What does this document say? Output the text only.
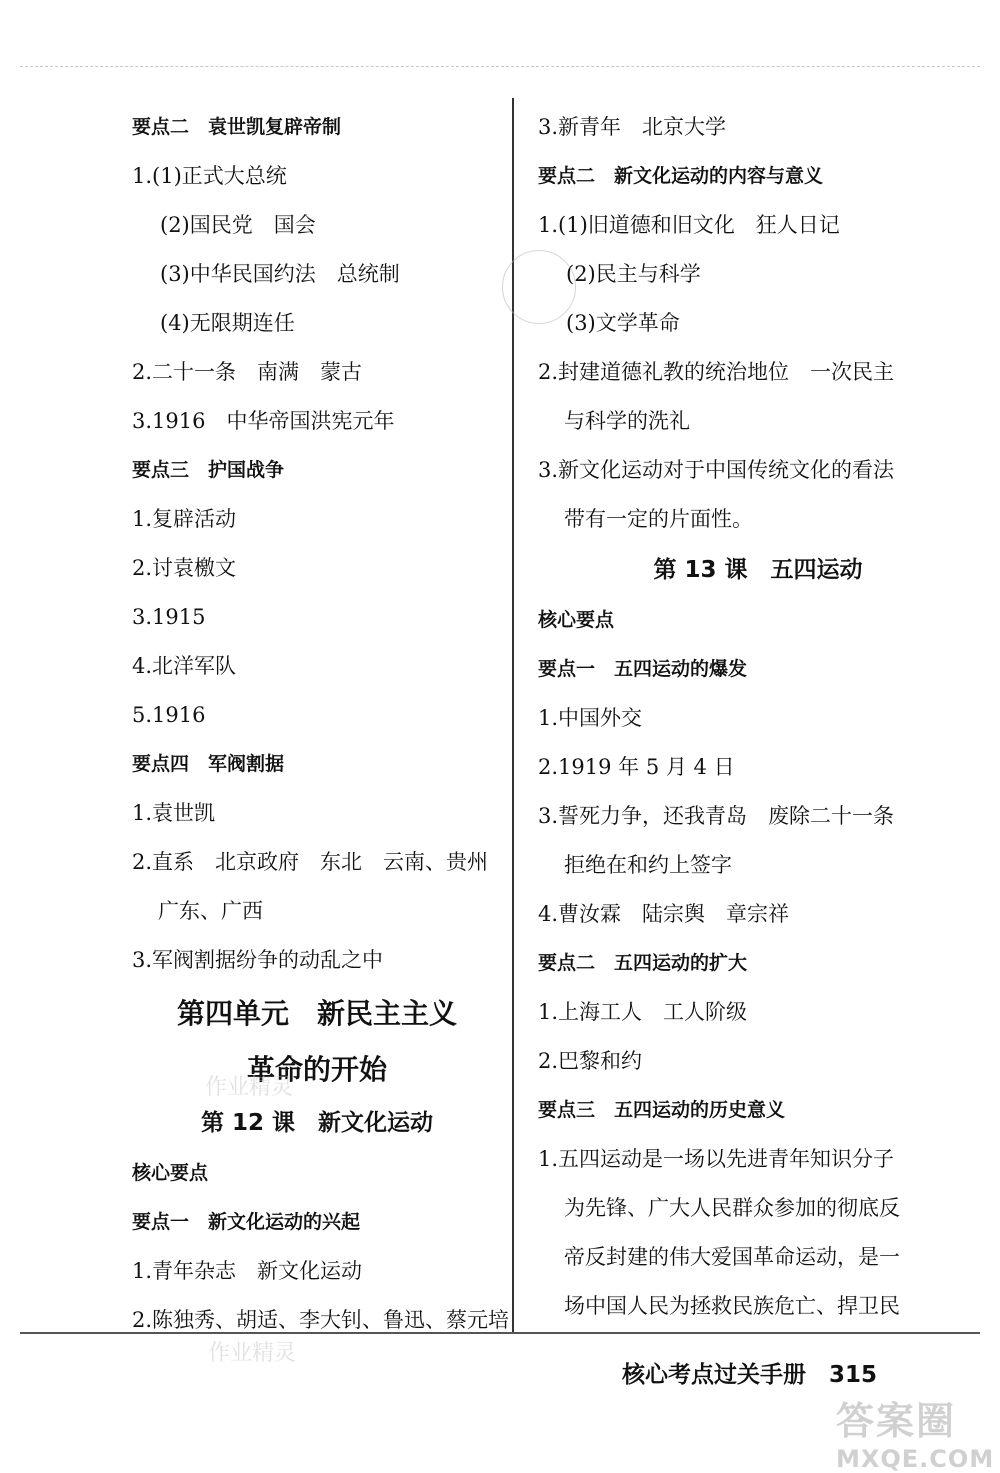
要点二　袁世凯复辟帝制
1.(1)正式大总统
(2)国民党　国会
(3)中华民国约法　总统制
(4)无限期连任
2.二十一条　南满　蒙古
3.1916　中华帝国洪宪元年
要点三　护国战争
1.复辟活动
2.讨袁檄文
3.1915
4.北洋军队
5.1916
要点四　军阀割据
1.袁世凯
2.直系　北京政府　东北　云南、贵州
广东、广西
3.军阀割据纷争的动乱之中
第四单元　新民主主义
革命的开始
第 12 课　新文化运动
核心要点
要点一　新文化运动的兴起
1.青年杂志　新文化运动
2.陈独秀、胡适、李大钊、鲁迅、蔡元培
3.新青年　北京大学
要点二　新文化运动的内容与意义
1.(1)旧道德和旧文化　狂人日记
(2)民主与科学
(3)文学革命
2.封建道德礼教的统治地位　一次民主
与科学的洗礼
3.新文化运动对于中国传统文化的看法
带有一定的片面性。
第 13 课　五四运动
核心要点
要点一　五四运动的爆发
1.中国外交
2.1919 年 5 月 4 日
3.誓死力争，还我青岛　废除二十一条
拒绝在和约上签字
4.曹汝霖　陆宗舆　章宗祥
要点二　五四运动的扩大
1.上海工人　工人阶级
2.巴黎和约
要点三　五四运动的历史意义
1.五四运动是一场以先进青年知识分子
为先锋、广大人民群众参加的彻底反
帝反封建的伟大爱国革命运动，是一
场中国人民为拯救民族危亡、捍卫民
核心考点过关手册　315
作业精灵
作业精灵
答案圈
MXQE.COM
